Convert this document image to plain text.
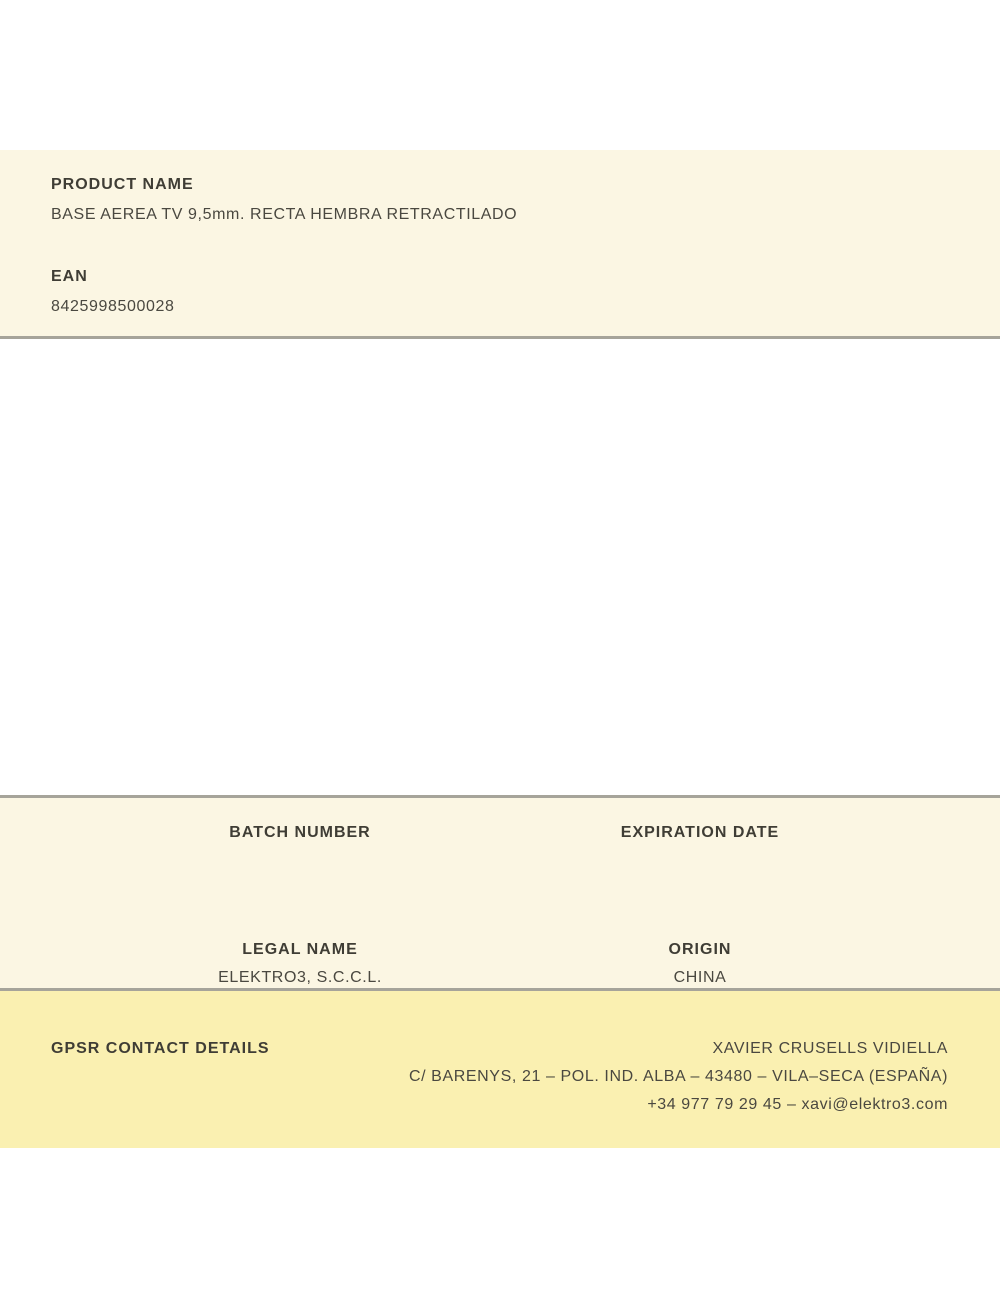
PRODUCT NAME
BASE AEREA TV 9,5mm. RECTA HEMBRA RETRACTILADO
EAN
8425998500028
BATCH NUMBER	EXPIRATION DATE
LEGAL NAME
ELEKTRO3, S.C.C.L.
ORIGIN
CHINA
GPSR CONTACT DETAILS	XAVIER CRUSELLS VIDIELLA
C/ BARENYS, 21 – POL. IND. ALBA – 43480 – VILA–SECA (ESPAÑA)
+34 977 79 29 45 – xavi@elektro3.com
